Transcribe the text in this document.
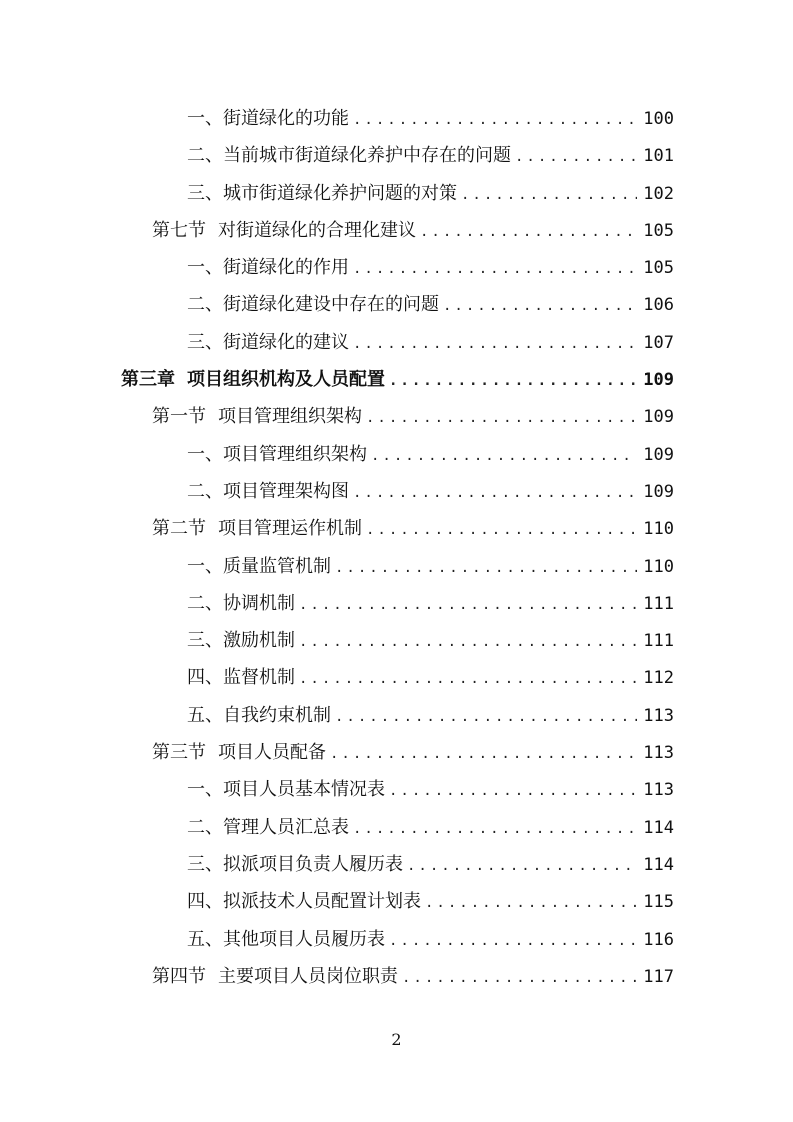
一、街道绿化的功能 .....	100
二、当前城市街道绿化养护中存在的问题 .....	101
三、城市街道绿化养护问题的对策 .....	102
第七节 对街道绿化的合理化建议 .....	105
一、街道绿化的作用 .....	105
二、街道绿化建设中存在的问题 .....	106
三、街道绿化的建议 .....	107
第三章 项目组织机构及人员配置 .....	109
第一节 项目管理组织架构 .....	109
一、项目管理组织架构 .....	109
二、项目管理架构图 .....	109
第二节 项目管理运作机制 .....	110
一、质量监管机制 .....	110
二、协调机制 .....	111
三、激励机制 .....	111
四、监督机制 .....	112
五、自我约束机制 .....	113
第三节 项目人员配备 .....	113
一、项目人员基本情况表 .....	113
二、管理人员汇总表 .....	114
三、拟派项目负责人履历表 .....	114
四、拟派技术人员配置计划表 .....	115
五、其他项目人员履历表 .....	116
第四节 主要项目人员岗位职责 .....	117
2
